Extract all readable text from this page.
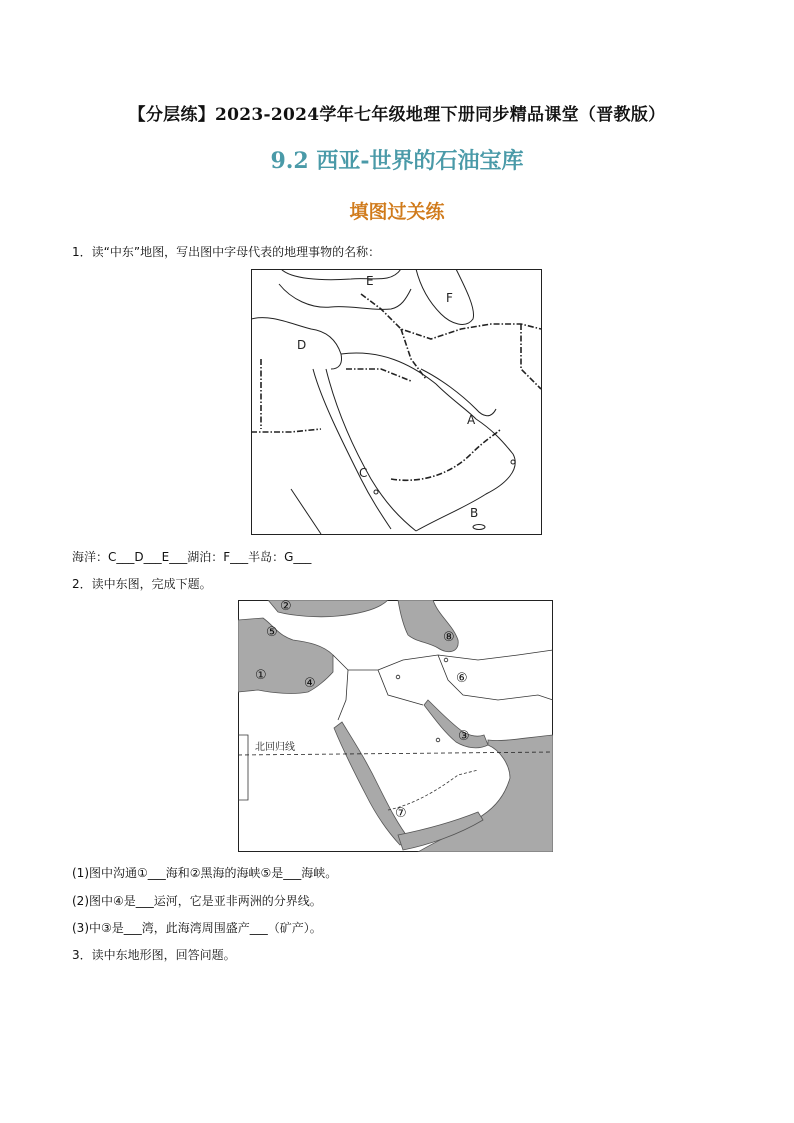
【分层练】2023-2024学年七年级地理下册同步精品课堂（晋教版）
9.2 西亚-世界的石油宝库
填图过关练
1．读“中东”地图，写出图中字母代表的地理事物的名称：
E
F
D
A
C
B
海洋：C___D___E___湖泊：F___半岛：G___
2．读中东图，完成下题。
北回归线
②
⑤	⑧
①
④	⑥
③
⑦
(1)图中沟通①___海和②黑海的海峡⑤是___海峡。
(2)图中④是___运河，它是亚非两洲的分界线。
(3)中③是___湾，此海湾周围盛产___（矿产）。
3．读中东地形图，回答问题。
